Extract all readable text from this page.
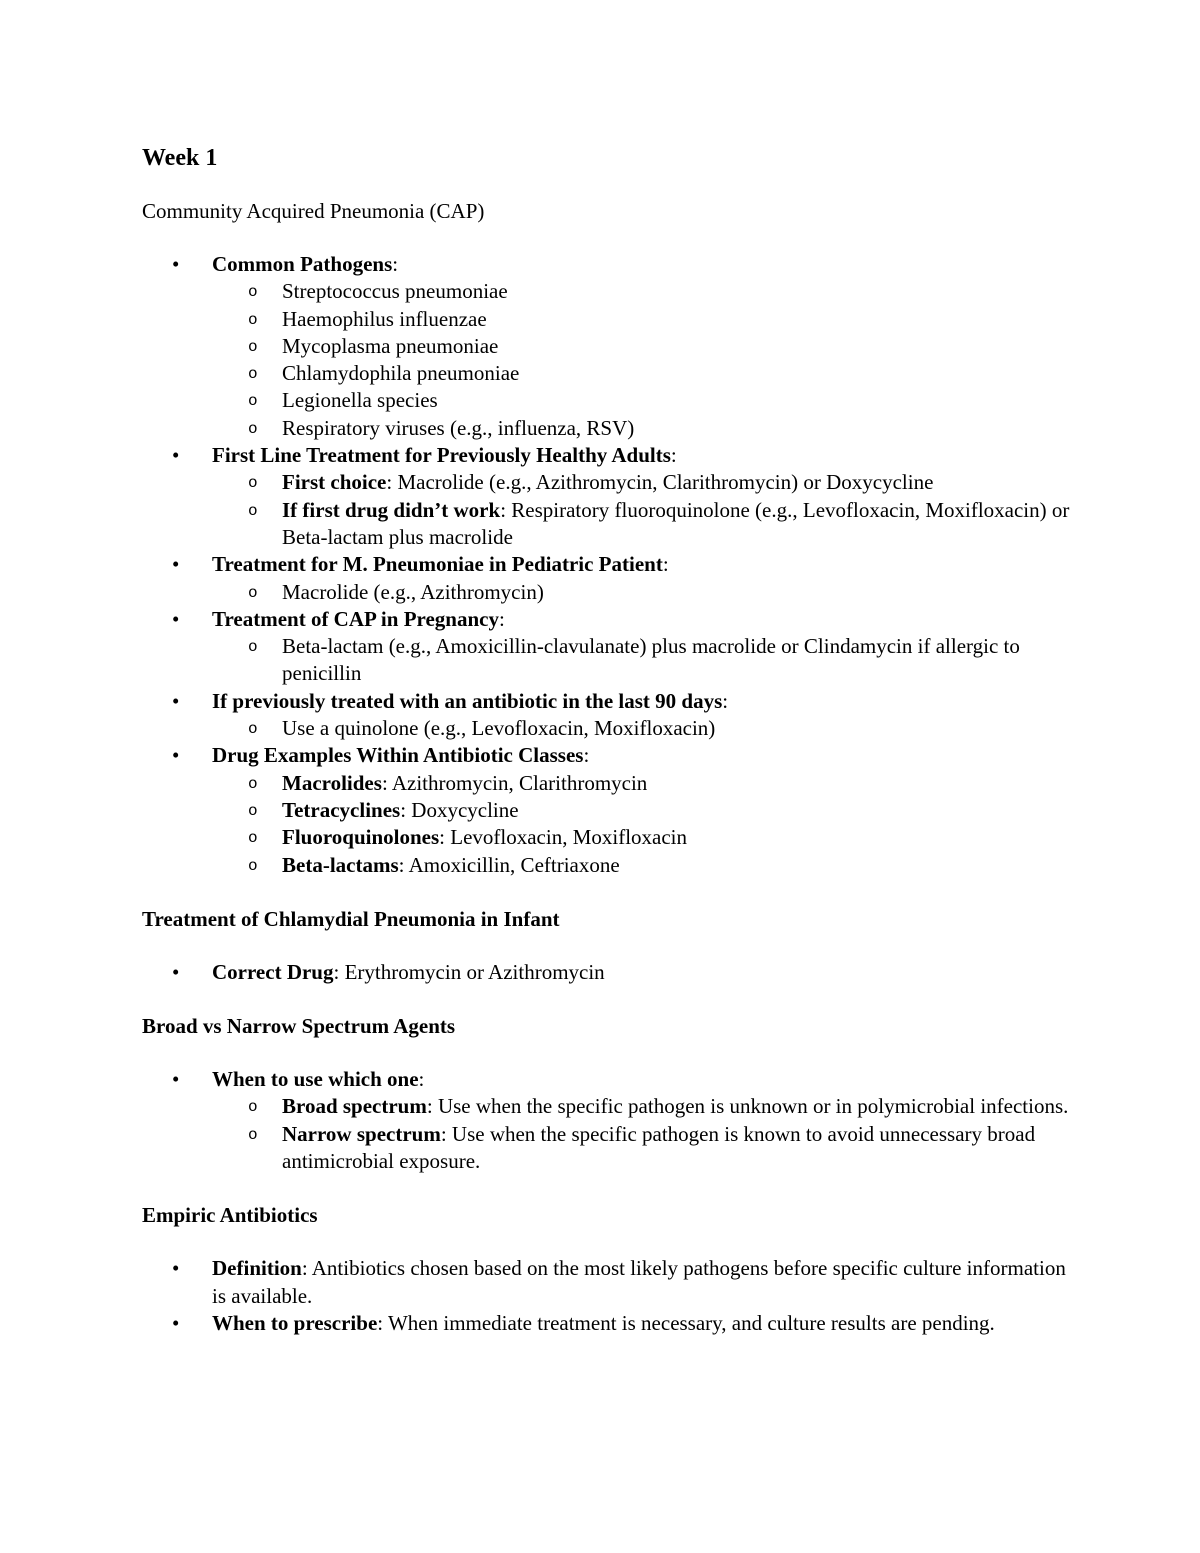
Week 1
Community Acquired Pneumonia (CAP)
• Common Pathogens:
o Streptococcus pneumoniae
o Haemophilus influenzae
o Mycoplasma pneumoniae
o Chlamydophila pneumoniae
o Legionella species
o Respiratory viruses (e.g., influenza, RSV)
• First Line Treatment for Previously Healthy Adults:
o First choice: Macrolide (e.g., Azithromycin, Clarithromycin) or Doxycycline
o If first drug didn’t work: Respiratory fluoroquinolone (e.g., Levofloxacin, Moxifloxacin) or Beta-lactam plus macrolide
• Treatment for M. Pneumoniae in Pediatric Patient:
o Macrolide (e.g., Azithromycin)
• Treatment of CAP in Pregnancy:
o Beta-lactam (e.g., Amoxicillin-clavulanate) plus macrolide or Clindamycin if allergic to penicillin
• If previously treated with an antibiotic in the last 90 days:
o Use a quinolone (e.g., Levofloxacin, Moxifloxacin)
• Drug Examples Within Antibiotic Classes:
o Macrolides: Azithromycin, Clarithromycin
o Tetracyclines: Doxycycline
o Fluoroquinolones: Levofloxacin, Moxifloxacin
o Beta-lactams: Amoxicillin, Ceftriaxone
Treatment of Chlamydial Pneumonia in Infant
• Correct Drug: Erythromycin or Azithromycin
Broad vs Narrow Spectrum Agents
• When to use which one:
o Broad spectrum: Use when the specific pathogen is unknown or in polymicrobial infections.
o Narrow spectrum: Use when the specific pathogen is known to avoid unnecessary broad antimicrobial exposure.
Empiric Antibiotics
• Definition: Antibiotics chosen based on the most likely pathogens before specific culture information is available.
• When to prescribe: When immediate treatment is necessary, and culture results are pending.
